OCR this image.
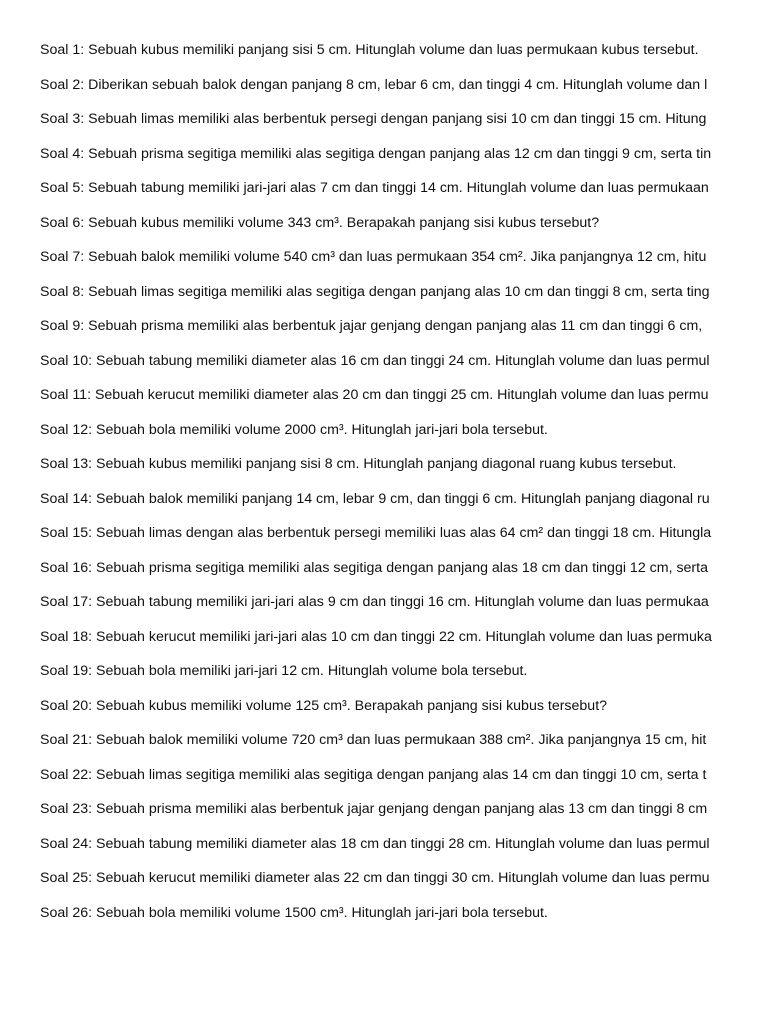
Soal 1: Sebuah kubus memiliki panjang sisi 5 cm. Hitunglah volume dan luas permukaan kubus tersebut.
Soal 2: Diberikan sebuah balok dengan panjang 8 cm, lebar 6 cm, dan tinggi 4 cm. Hitunglah volume dan l
Soal 3: Sebuah limas memiliki alas berbentuk persegi dengan panjang sisi 10 cm dan tinggi 15 cm. Hitung
Soal 4: Sebuah prisma segitiga memiliki alas segitiga dengan panjang alas 12 cm dan tinggi 9 cm, serta tin
Soal 5: Sebuah tabung memiliki jari-jari alas 7 cm dan tinggi 14 cm. Hitunglah volume dan luas permukaan
Soal 6: Sebuah kubus memiliki volume 343 cm³. Berapakah panjang sisi kubus tersebut?
Soal 7: Sebuah balok memiliki volume 540 cm³ dan luas permukaan 354 cm². Jika panjangnya 12 cm, hitu
Soal 8: Sebuah limas segitiga memiliki alas segitiga dengan panjang alas 10 cm dan tinggi 8 cm, serta ting
Soal 9: Sebuah prisma memiliki alas berbentuk jajar genjang dengan panjang alas 11 cm dan tinggi 6 cm,
Soal 10: Sebuah tabung memiliki diameter alas 16 cm dan tinggi 24 cm. Hitunglah volume dan luas permul
Soal 11: Sebuah kerucut memiliki diameter alas 20 cm dan tinggi 25 cm. Hitunglah volume dan luas permu
Soal 12: Sebuah bola memiliki volume 2000 cm³. Hitunglah jari-jari bola tersebut.
Soal 13: Sebuah kubus memiliki panjang sisi 8 cm. Hitunglah panjang diagonal ruang kubus tersebut.
Soal 14: Sebuah balok memiliki panjang 14 cm, lebar 9 cm, dan tinggi 6 cm. Hitunglah panjang diagonal ru
Soal 15: Sebuah limas dengan alas berbentuk persegi memiliki luas alas 64 cm² dan tinggi 18 cm. Hitungla
Soal 16: Sebuah prisma segitiga memiliki alas segitiga dengan panjang alas 18 cm dan tinggi 12 cm, serta
Soal 17: Sebuah tabung memiliki jari-jari alas 9 cm dan tinggi 16 cm. Hitunglah volume dan luas permukaa
Soal 18: Sebuah kerucut memiliki jari-jari alas 10 cm dan tinggi 22 cm. Hitunglah volume dan luas permuka
Soal 19: Sebuah bola memiliki jari-jari 12 cm. Hitunglah volume bola tersebut.
Soal 20: Sebuah kubus memiliki volume 125 cm³. Berapakah panjang sisi kubus tersebut?
Soal 21: Sebuah balok memiliki volume 720 cm³ dan luas permukaan 388 cm². Jika panjangnya 15 cm, hit
Soal 22: Sebuah limas segitiga memiliki alas segitiga dengan panjang alas 14 cm dan tinggi 10 cm, serta t
Soal 23: Sebuah prisma memiliki alas berbentuk jajar genjang dengan panjang alas 13 cm dan tinggi 8 cm
Soal 24: Sebuah tabung memiliki diameter alas 18 cm dan tinggi 28 cm. Hitunglah volume dan luas permul
Soal 25: Sebuah kerucut memiliki diameter alas 22 cm dan tinggi 30 cm. Hitunglah volume dan luas permu
Soal 26: Sebuah bola memiliki volume 1500 cm³. Hitunglah jari-jari bola tersebut.
